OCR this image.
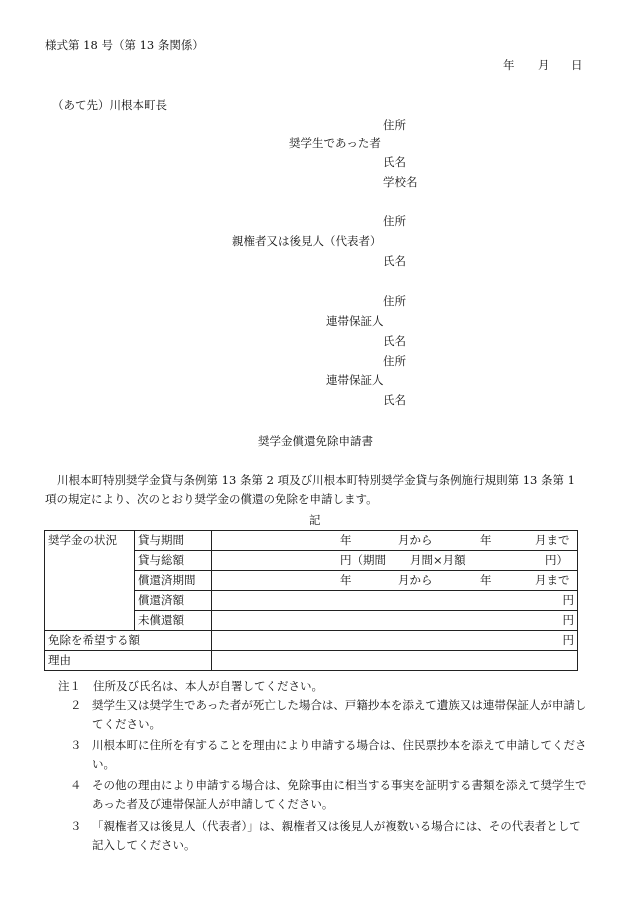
様式第 18 号（第 13 条関係）
年 月 日
（あて先）川根本町長
住所
奨学生であった者
氏名
学校名
住所
親権者又は後見人（代表者）
氏名
住所
連帯保証人
氏名
住所
連帯保証人
氏名
奨学金償還免除申請書
川根本町特別奨学金貸与条例第 13 条第 2 項及び川根本町特別奨学金貸与条例施行規則第 13 条第 1 項の規定により、次のとおり奨学金の償還の免除を申請します。
記
奨学金の状況	貸与期間	年 月から 年 月まで

	貸与総額	円（期間 月間×月額 円）

	償還済期間	年 月から 年 月まで

	償還済額	円

	未償還額	円

免除を希望する額		円

理由		
注１ 住所及び氏名は、本人が自署してください。
２ 奨学生又は奨学生であった者が死亡した場合は、戸籍抄本を添えて遺族又は連帯保証人が申請してください。
３ 川根本町に住所を有することを理由により申請する場合は、住民票抄本を添えて申請してください。
４ その他の理由により申請する場合は、免除事由に相当する事実を証明する書類を添えて奨学生であった者及び連帯保証人が申請してください。
３ 「親権者又は後見人（代表者）」は、親権者又は後見人が複数いる場合には、その代表者として記入してください。
